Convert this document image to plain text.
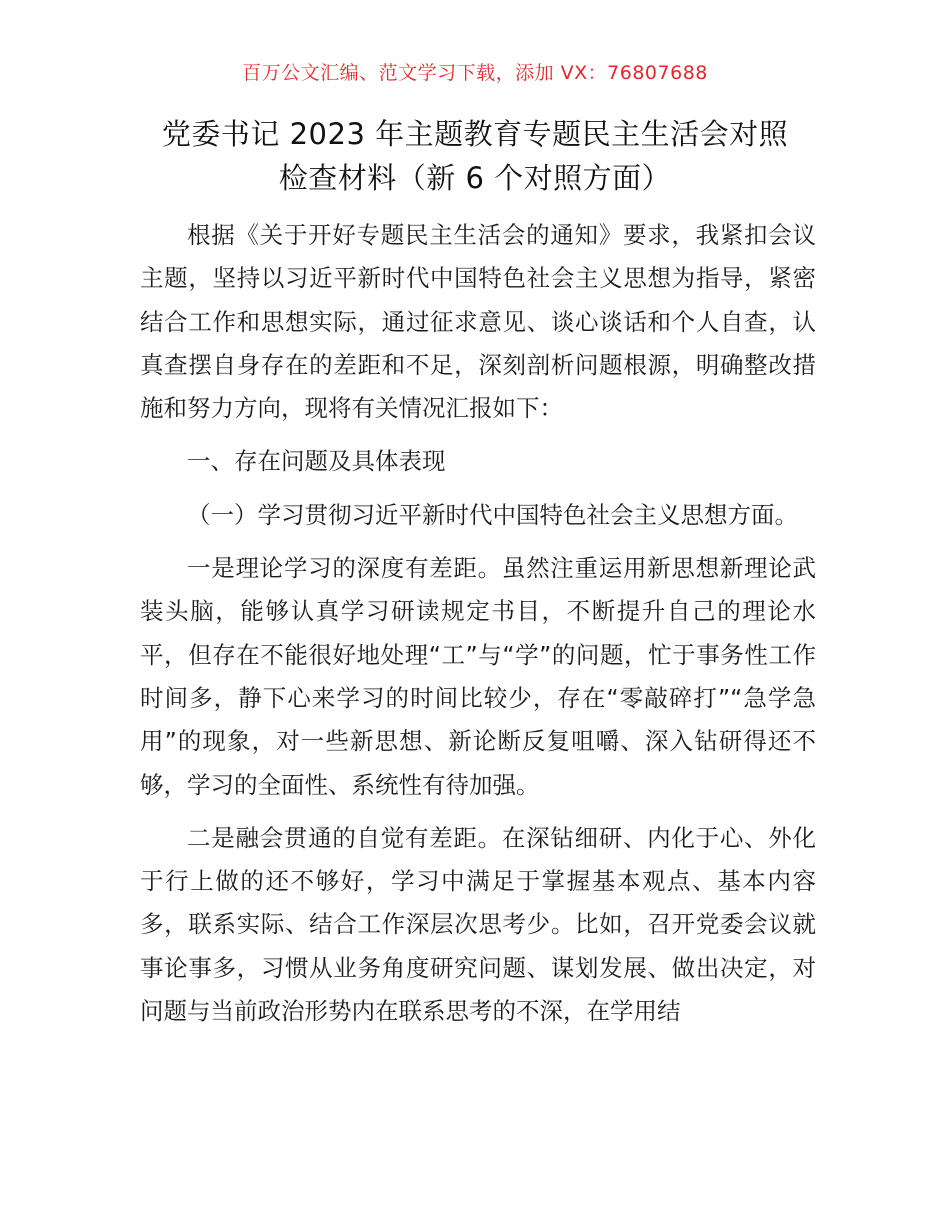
百万公文汇编、范文学习下载，添加 VX：76807688
党委书记 2023 年主题教育专题民主生活会对照
检查材料（新 6 个对照方面）

根据《关于开好专题民主生活会的通知》要求，我紧扣会议主题，坚持以习近平新时代中国特色社会主义思想为指导，紧密结合工作和思想实际，通过征求意见、谈心谈话和个人自查，认真查摆自身存在的差距和不足，深刻剖析问题根源，明确整改措施和努力方向，现将有关情况汇报如下：

一、存在问题及具体表现

（一）学习贯彻习近平新时代中国特色社会主义思想方面。

一是理论学习的深度有差距。虽然注重运用新思想新理论武装头脑，能够认真学习研读规定书目，不断提升自己的理论水平，但存在不能很好地处理“工”与“学”的问题，忙于事务性工作时间多，静下心来学习的时间比较少，存在“零敲碎打”“急学急用”的现象，对一些新思想、新论断反复咀嚼、深入钻研得还不够，学习的全面性、系统性有待加强。

二是融会贯通的自觉有差距。在深钻细研、内化于心、外化于行上做的还不够好，学习中满足于掌握基本观点、基本内容多，联系实际、结合工作深层次思考少。比如，召开党委会议就事论事多，习惯从业务角度研究问题、谋划发展、做出决定，对问题与当前政治形势内在联系思考的不深，在学用结
